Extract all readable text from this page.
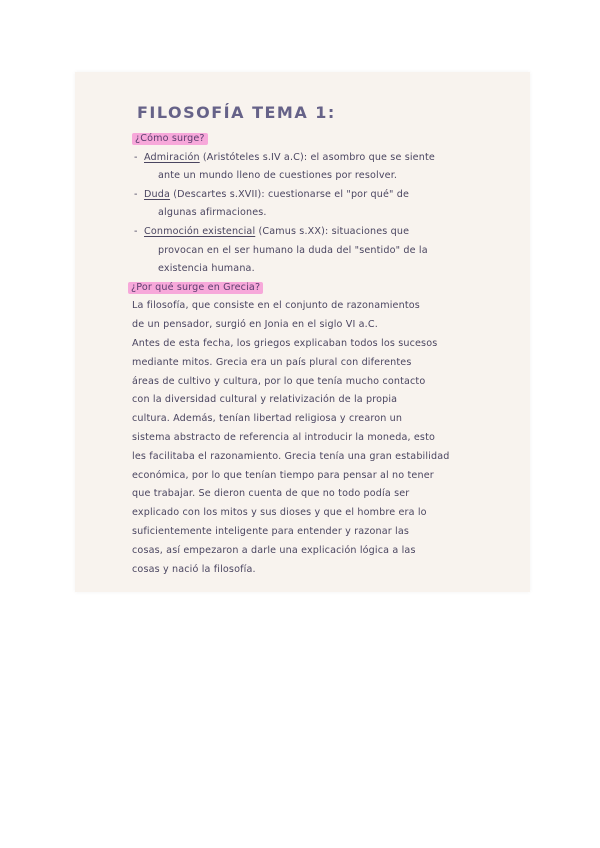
FILOSOFÍA TEMA 1:
¿Cómo surge?
- Admiración (Aristóteles s.IV a.C): el asombro que se siente
ante un mundo lleno de cuestiones por resolver.
- Duda (Descartes s.XVII): cuestionarse el "por qué" de
algunas afirmaciones.
- Conmoción existencial (Camus s.XX): situaciones que
provocan en el ser humano la duda del "sentido" de la
existencia humana.
¿Por qué surge en Grecia?
La filosofía, que consiste en el conjunto de razonamientos
de un pensador, surgió en Jonia en el siglo VI a.C.
Antes de esta fecha, los griegos explicaban todos los sucesos
mediante mitos. Grecia era un país plural con diferentes
áreas de cultivo y cultura, por lo que tenía mucho contacto
con la diversidad cultural y relativización de la propia
cultura. Además, tenían libertad religiosa y crearon un
sistema abstracto de referencia al introducir la moneda, esto
les facilitaba el razonamiento. Grecia tenía una gran estabilidad
económica, por lo que tenían tiempo para pensar al no tener
que trabajar. Se dieron cuenta de que no todo podía ser
explicado con los mitos y sus dioses y que el hombre era lo
suficientemente inteligente para entender y razonar las
cosas, así empezaron a darle una explicación lógica a las
cosas y nació la filosofía.
